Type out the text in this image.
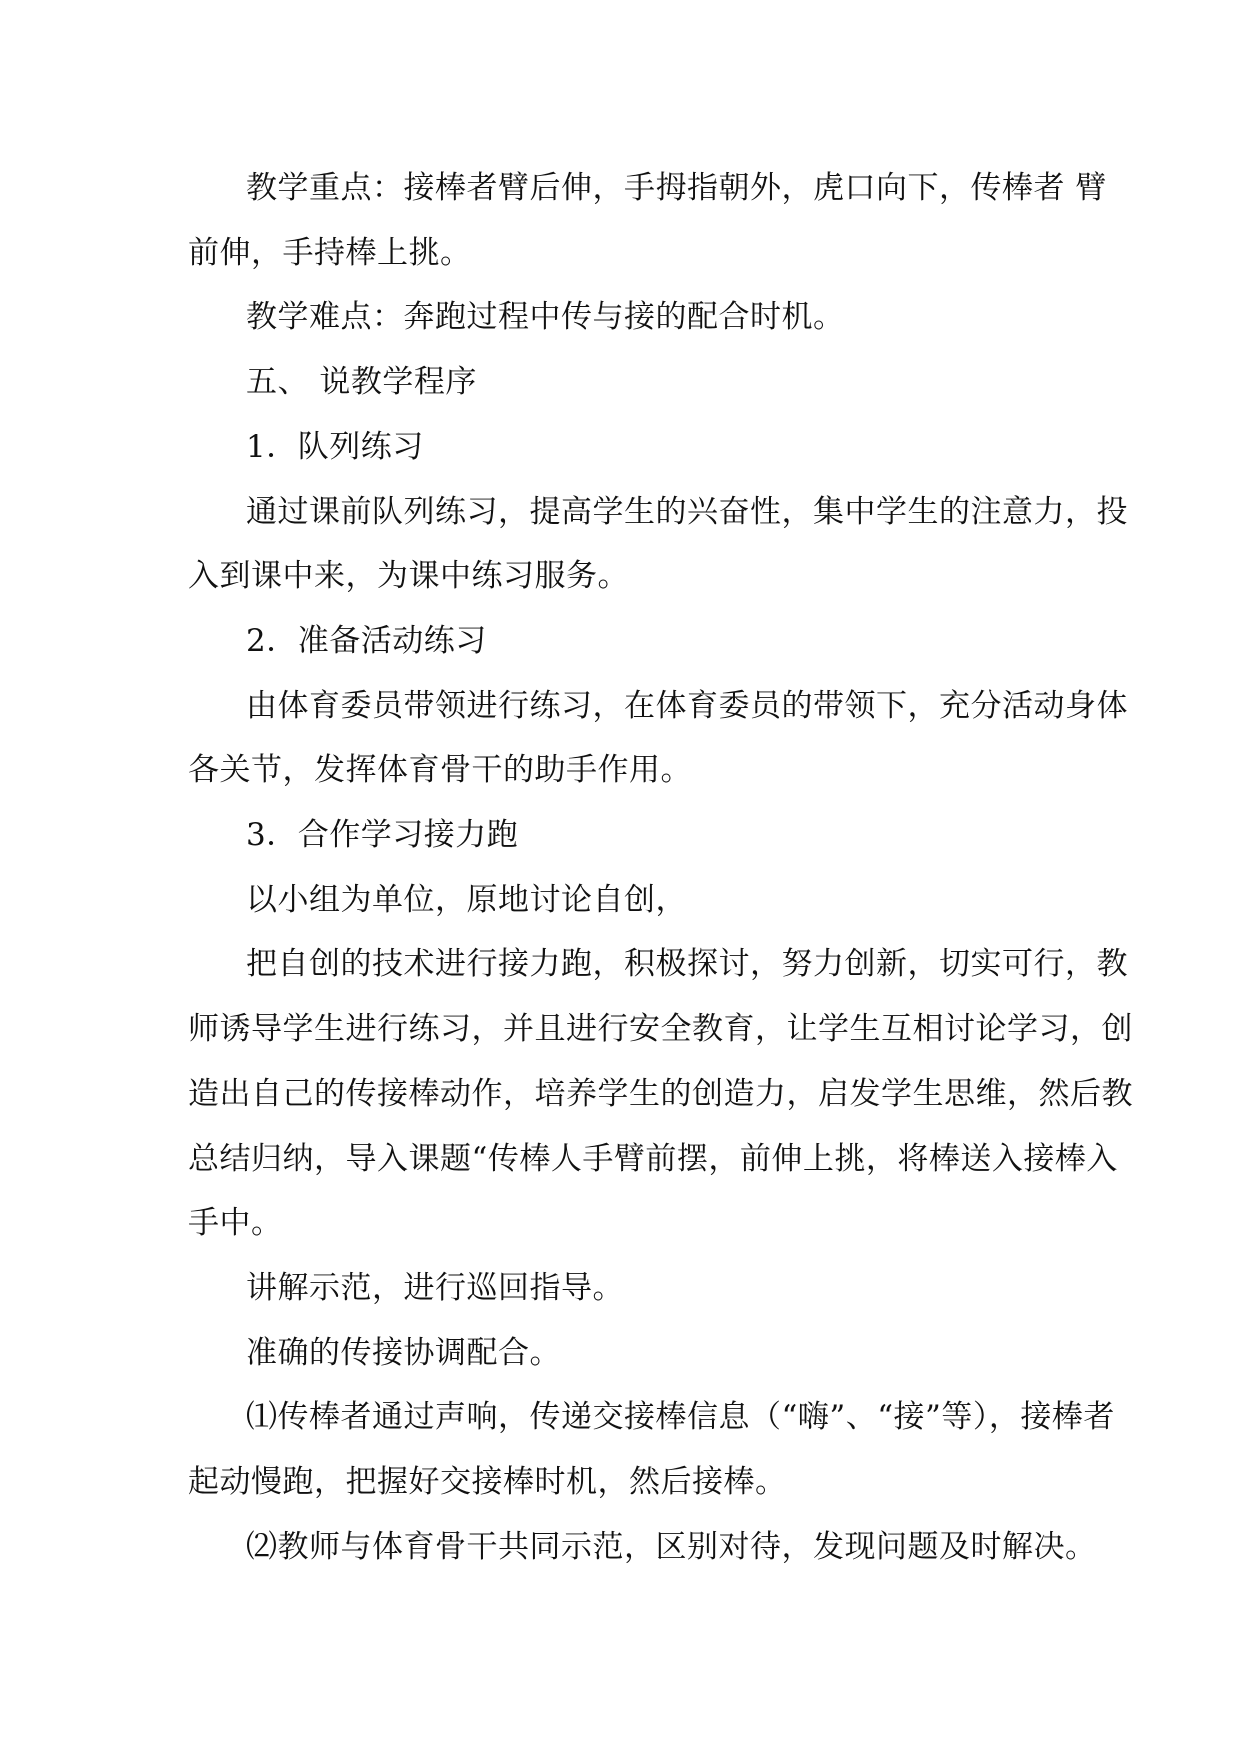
教学重点：接棒者臂后伸，手拇指朝外，虎口向下，传棒者 臂

前伸，手持棒上挑。

教学难点：奔跑过程中传与接的配合时机。

五、 说教学程序

1．队列练习

通过课前队列练习，提高学生的兴奋性，集中学生的注意力，投

入到课中来，为课中练习服务。

2．准备活动练习

由体育委员带领进行练习，在体育委员的带领下，充分活动身体

各关节，发挥体育骨干的助手作用。

3．合作学习接力跑

以小组为单位，原地讨论自创，

把自创的技术进行接力跑，积极探讨，努力创新，切实可行，教

师诱导学生进行练习，并且进行安全教育，让学生互相讨论学习，创

造出自己的传接棒动作，培养学生的创造力，启发学生思维，然后教

总结归纳，导入课题“传棒人手臂前摆，前伸上挑，将棒送入接棒入

手中。

讲解示范，进行巡回指导。

准确的传接协调配合。

⑴传棒者通过声响，传递交接棒信息（“嗨”、“接”等），接棒者

起动慢跑，把握好交接棒时机，然后接棒。

⑵教师与体育骨干共同示范，区别对待，发现问题及时解决。
